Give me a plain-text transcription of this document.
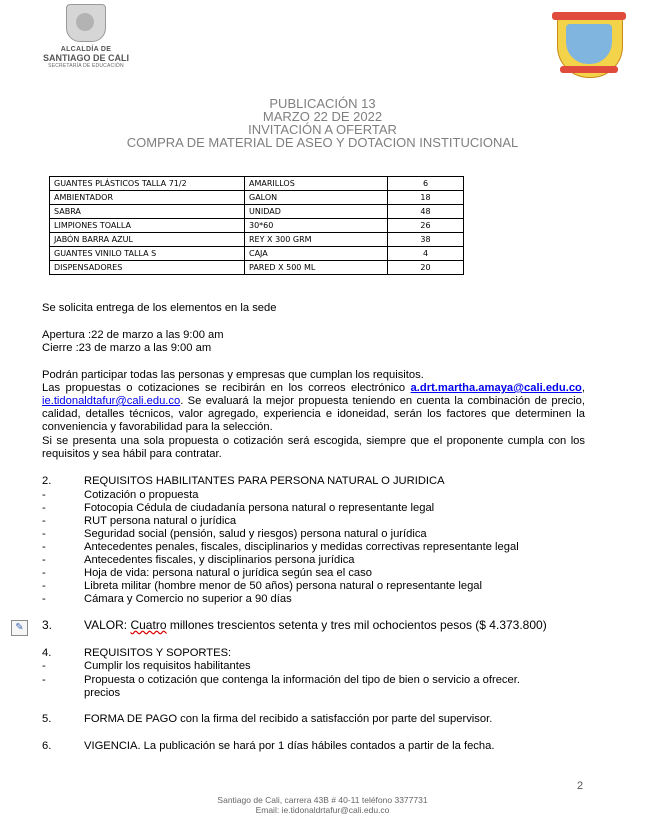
ALCALDÍA DE
SANTIAGO DE CALI
SECRETARÍA DE EDUCACIÓN
PUBLICACIÓN 13
MARZO 22 DE 2022
INVITACIÓN A OFERTAR
COMPRA DE MATERIAL DE ASEO Y DOTACION INSTITUCIONAL
GUANTES PLÁSTICOS TALLA 71/2	AMARILLOS	6
AMBIENTADOR	GALON	18
SABRA	UNIDAD	48
LIMPIONES TOALLA	30*60	26
JABÓN BARRA AZUL	REY X 300 GRM	38
GUANTES VINILO TALLA S	CAJA	4
DISPENSADORES	PARED X 500 ML	20
Se solicita entrega de los elementos en la sede
Apertura :22 de marzo a las 9:00 am
Cierre :23 de marzo a las 9:00 am
Podrán participar todas las personas y empresas que cumplan los requisitos.
Las propuestas o cotizaciones se recibirán en los correos electrónico a.drt.martha.amaya@cali.edu.co, ie.tidonaldtafur@cali.edu.co. Se evaluará la mejor propuesta teniendo en cuenta la combinación de precio, calidad, detalles técnicos, valor agregado, experiencia e idoneidad, serán los factores que determinen la conveniencia y favorabilidad para la selección.
Si se presenta una sola propuesta o cotización será escogida, siempre que el proponente cumpla con los requisitos y sea hábil para contratar.
2.	REQUISITOS HABILITANTES PARA PERSONA NATURAL O JURIDICA
-	Cotización o propuesta
-	Fotocopia Cédula de ciudadanía persona natural o representante legal
-	RUT persona natural o jurídica
-	Seguridad social (pensión, salud y riesgos) persona natural o jurídica
-	Antecedentes penales, fiscales, disciplinarios y medidas correctivas representante legal
-	Antecedentes fiscales, y disciplinarios persona jurídica
-	Hoja de vida: persona natural o jurídica según sea el caso
-	Libreta militar (hombre menor de 50 años) persona natural o representante legal
-	Cámara y Comercio no superior a 90 días
✎	3.	VALOR: Cuatro millones trescientos setenta y tres mil ochocientos pesos ($ 4.373.800)
4.	REQUISITOS Y SOPORTES:
-	Cumplir los requisitos habilitantes
-	Propuesta o cotización que contenga la información del tipo de bien o servicio a ofrecer.
precios
5.	FORMA DE PAGO con la firma del recibido a satisfacción por parte del supervisor.
6.	VIGENCIA. La publicación se hará por 1 días hábiles contados a partir de la fecha.
2
Santiago de Cali, carrera 43B # 40-11 teléfono 3377731
Email: ie.tidonaldrtafur@cali.edu.co
